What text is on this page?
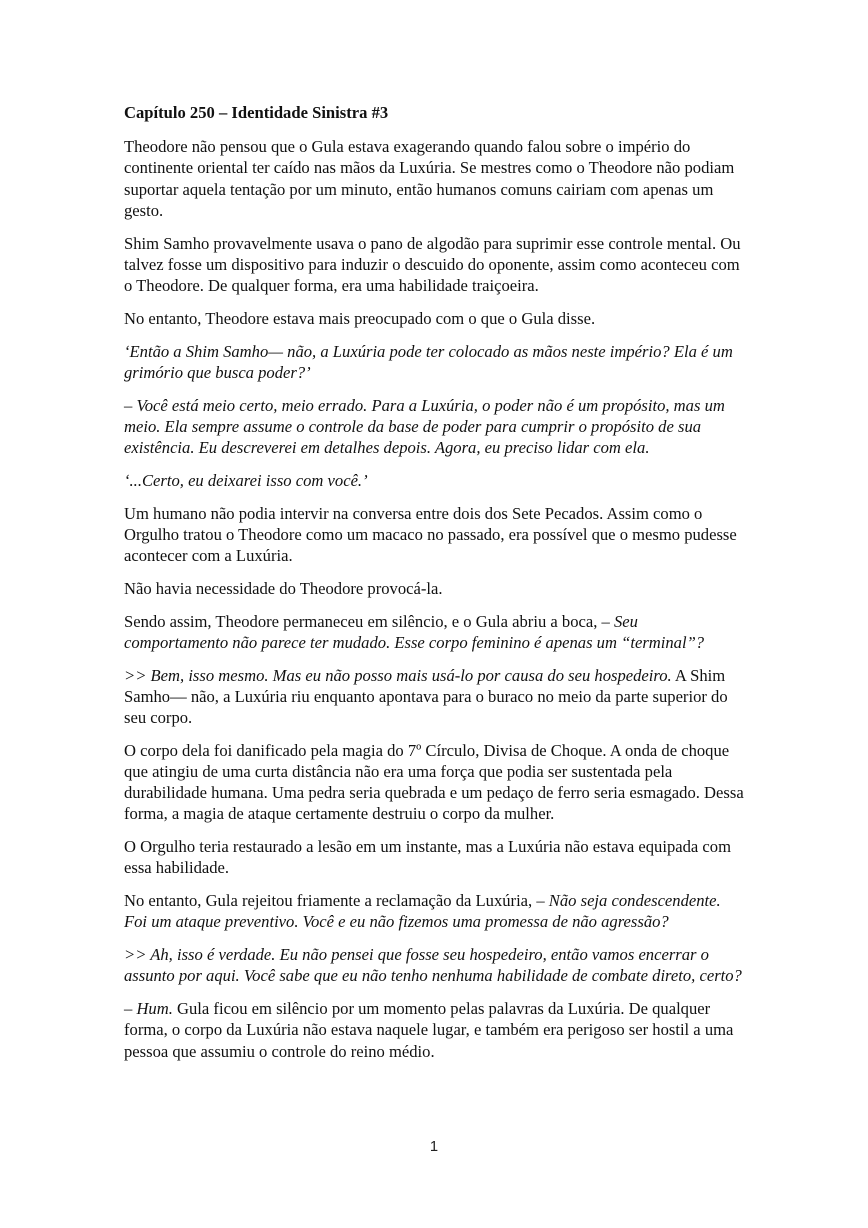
Capítulo 250 – Identidade Sinistra #3

Theodore não pensou que o Gula estava exagerando quando falou sobre o império do continente oriental ter caído nas mãos da Luxúria. Se mestres como o Theodore não podiam suportar aquela tentação por um minuto, então humanos comuns cairiam com apenas um gesto.

Shim Samho provavelmente usava o pano de algodão para suprimir esse controle mental. Ou talvez fosse um dispositivo para induzir o descuido do oponente, assim como aconteceu com o Theodore. De qualquer forma, era uma habilidade traiçoeira.

No entanto, Theodore estava mais preocupado com o que o Gula disse.

‘Então a Shim Samho— não, a Luxúria pode ter colocado as mãos neste império? Ela é um grimório que busca poder?’

– Você está meio certo, meio errado. Para a Luxúria, o poder não é um propósito, mas um meio. Ela sempre assume o controle da base de poder para cumprir o propósito de sua existência. Eu descreverei em detalhes depois. Agora, eu preciso lidar com ela.

‘...Certo, eu deixarei isso com você.’

Um humano não podia intervir na conversa entre dois dos Sete Pecados. Assim como o Orgulho tratou o Theodore como um macaco no passado, era possível que o mesmo pudesse acontecer com a Luxúria.

Não havia necessidade do Theodore provocá-la.

Sendo assim, Theodore permaneceu em silêncio, e o Gula abriu a boca, – Seu comportamento não parece ter mudado. Esse corpo feminino é apenas um “terminal”?

>> Bem, isso mesmo. Mas eu não posso mais usá-lo por causa do seu hospedeiro. A Shim Samho— não, a Luxúria riu enquanto apontava para o buraco no meio da parte superior do seu corpo.

O corpo dela foi danificado pela magia do 7º Círculo, Divisa de Choque. A onda de choque que atingiu de uma curta distância não era uma força que podia ser sustentada pela durabilidade humana. Uma pedra seria quebrada e um pedaço de ferro seria esmagado. Dessa forma, a magia de ataque certamente destruiu o corpo da mulher.

O Orgulho teria restaurado a lesão em um instante, mas a Luxúria não estava equipada com essa habilidade.

No entanto, Gula rejeitou friamente a reclamação da Luxúria, – Não seja condescendente. Foi um ataque preventivo. Você e eu não fizemos uma promessa de não agressão?

>> Ah, isso é verdade. Eu não pensei que fosse seu hospedeiro, então vamos encerrar o assunto por aqui. Você sabe que eu não tenho nenhuma habilidade de combate direto, certo?

– Hum. Gula ficou em silêncio por um momento pelas palavras da Luxúria. De qualquer forma, o corpo da Luxúria não estava naquele lugar, e também era perigoso ser hostil a uma pessoa que assumiu o controle do reino médio.

1
